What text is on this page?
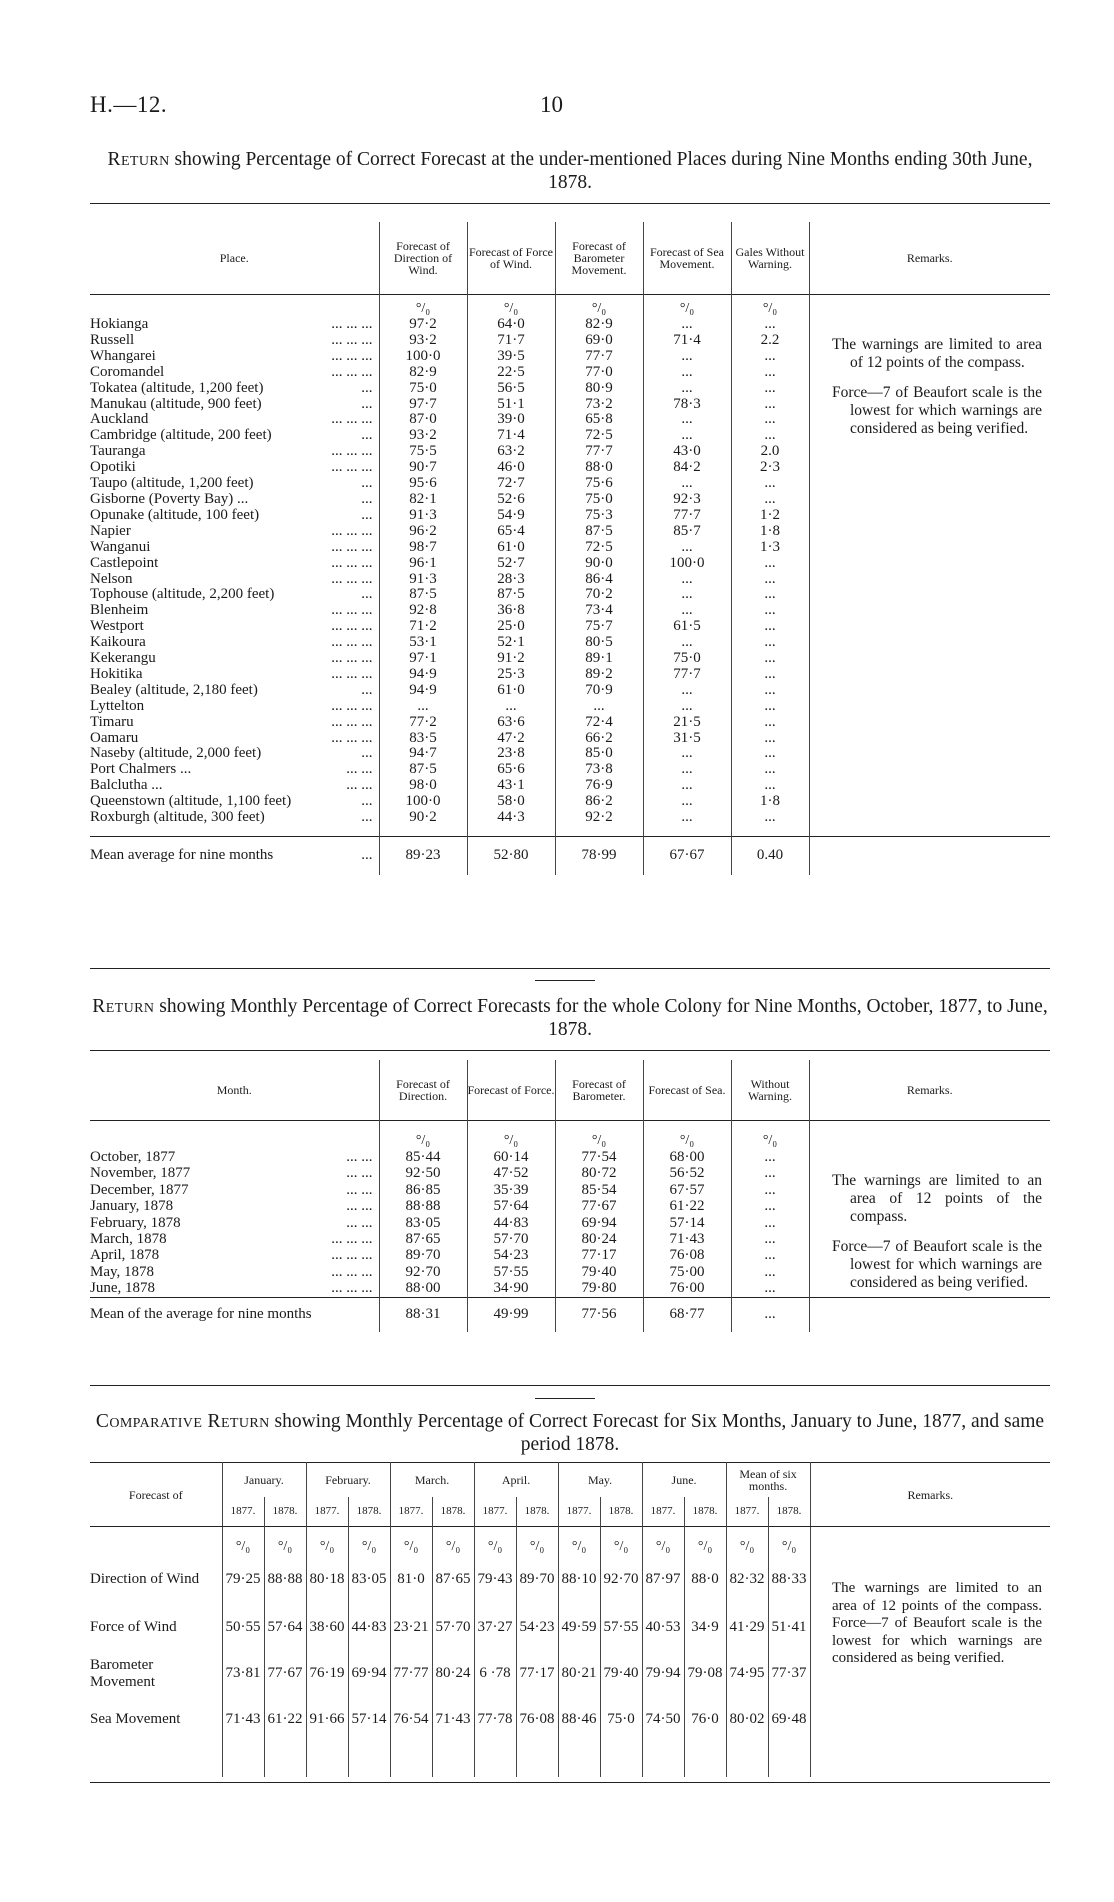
H.—12.	10
Return showing Percentage of Correct Forecast at the under-mentioned Places during Nine Months ending 30th June, 1878.
Place.	Forecast of Direction of Wind.	Forecast of Force of Wind.	Forecast of Barometer Movement.	Forecast of Sea Movement.	Gales Without Warning.	Remarks.
	°/₀	°/₀	°/₀	°/₀	°/₀	
Hokianga ... ... ...	97·2	64·0	82·9	...	...	
Russell ... ... ...	93·2	71·7	69·0	71·4	2.2	
Whangarei ... ... ...	100·0	39·5	77·7	...	...	
Coromandel ... ... ...	82·9	22·5	77·0	...	...	
Tokatea (altitude, 1,200 feet) ...	75·0	56·5	80·9	...	...	
Manukau (altitude, 900 feet) ...	97·7	51·1	73·2	78·3	...	
Auckland ... ... ...	87·0	39·0	65·8	...	...	
Cambridge (altitude, 200 feet) ...	93·2	71·4	72·5	...	...	
Tauranga ... ... ...	75·5	63·2	77·7	43·0	2.0	
Opotiki ... ... ...	90·7	46·0	88·0	84·2	2·3	
Taupo (altitude, 1,200 feet) ...	95·6	72·7	75·6	...	...	
Gisborne (Poverty Bay) ... ...	82·1	52·6	75·0	92·3	...	
Opunake (altitude, 100 feet) ...	91·3	54·9	75·3	77·7	1·2	
Napier ... ... ...	96·2	65·4	87·5	85·7	1·8	
Wanganui ... ... ...	98·7	61·0	72·5	...	1·3	
Castlepoint ... ... ...	96·1	52·7	90·0	100·0	...	
Nelson ... ... ...	91·3	28·3	86·4	...	...	
Tophouse (altitude, 2,200 feet) ...	87·5	87·5	70·2	...	...	
Blenheim ... ... ...	92·8	36·8	73·4	...	...	
Westport ... ... ...	71·2	25·0	75·7	61·5	...	
Kaikoura ... ... ...	53·1	52·1	80·5	...	...	
Kekerangu ... ... ...	97·1	91·2	89·1	75·0	...	
Hokitika ... ... ...	94·9	25·3	89·2	77·7	...	
Bealey (altitude, 2,180 feet) ...	94·9	61·0	70·9	...	...	
Lyttelton ... ... ...	...	...	...	...	...	
Timaru ... ... ...	77·2	63·6	72·4	21·5	...	
Oamaru ... ... ...	83·5	47·2	66·2	31·5	...	
Naseby (altitude, 2,000 feet) ...	94·7	23·8	85·0	...	...	
Port Chalmers ... ... ...	87·5	65·6	73·8	...	...	
Balclutha ... ... ...	98·0	43·1	76·9	...	...	
Queenstown (altitude, 1,100 feet) ...	100·0	58·0	86·2	...	1·8	
Roxburgh (altitude, 300 feet) ...	90·2	44·3	92·2	...	...	

Mean average for nine months ...	89·23	52·80	78·99	67·67	0.40	

The warnings are limited to area of 12 points of the compass.

Force—7 of Beaufort scale is the lowest for which warnings are considered as being verified.

Return showing Monthly Percentage of Correct Forecasts for the whole Colony for Nine Months, October, 1877, to June, 1878.
Month.	Forecast of Direction.	Forecast of Force.	Forecast of Barometer.	Forecast of Sea.	Without Warning.	Remarks.
	°/₀	°/₀	°/₀	°/₀	°/₀	
October, 1877 ... ...	85·44	60·14	77·54	68·00	...	
November, 1877 ... ...	92·50	47·52	80·72	56·52	...	
December, 1877 ... ...	86·85	35·39	85·54	67·57	...	
January, 1878 ... ...	88·88	57·64	77·67	61·22	...	
February, 1878 ... ...	83·05	44·83	69·94	57·14	...	
March, 1878 ... ... ...	87·65	57·70	80·24	71·43	...	
April, 1878 ... ... ...	89·70	54·23	77·17	76·08	...	
May, 1878 ... ... ...	92·70	57·55	79·40	75·00	...	
June, 1878 ... ... ...	88·00	34·90	79·80	76·00	...	
Mean of the average for nine months	88·31	49·99	77·56	68·77	...	

The warnings are limited to an area of 12 points of the compass.

Force—7 of Beaufort scale is the lowest for which warnings are considered as being verified.

Comparative Return showing Monthly Percentage of Correct Forecast for Six Months, January to June, 1877, and same period 1878.
Forecast of	January.		February.		March.		April.		May.		June.		Mean of six months.		Remarks.
	1877.	1878.	1877.	1878.	1877.	1878.	1877.	1878.	1877.	1878.	1877.	1878.	1877.	1878.	
	°/₀	°/₀	°/₀	°/₀	°/₀	°/₀	°/₀	°/₀	°/₀	°/₀	°/₀	°/₀	°/₀	°/₀	
Direction of Wind	79·25	88·88	80·18	83·05	81·0	87·65	79·43	89·70	88·10	92·70	87·97	88·0	82·32	88·33	
Force of Wind	50·55	57·64	38·60	44·83	23·21	57·70	37·27	54·23	49·59	57·55	40·53	34·9	41·29	51·41	
Barometer Movement	73·81	77·67	76·19	69·94	77·77	80·24	6 ·78	77·17	80·21	79·40	79·94	79·08	74·95	77·37	
Sea Movement	71·43	61·22	91·66	57·14	76·54	71·43	77·78	76·08	88·46	75·0	74·50	76·0	80·02	69·48	

The warnings are limited to an area of 12 points of the compass. Force—7 of Beaufort scale is the lowest for which warnings are considered as being verified.
